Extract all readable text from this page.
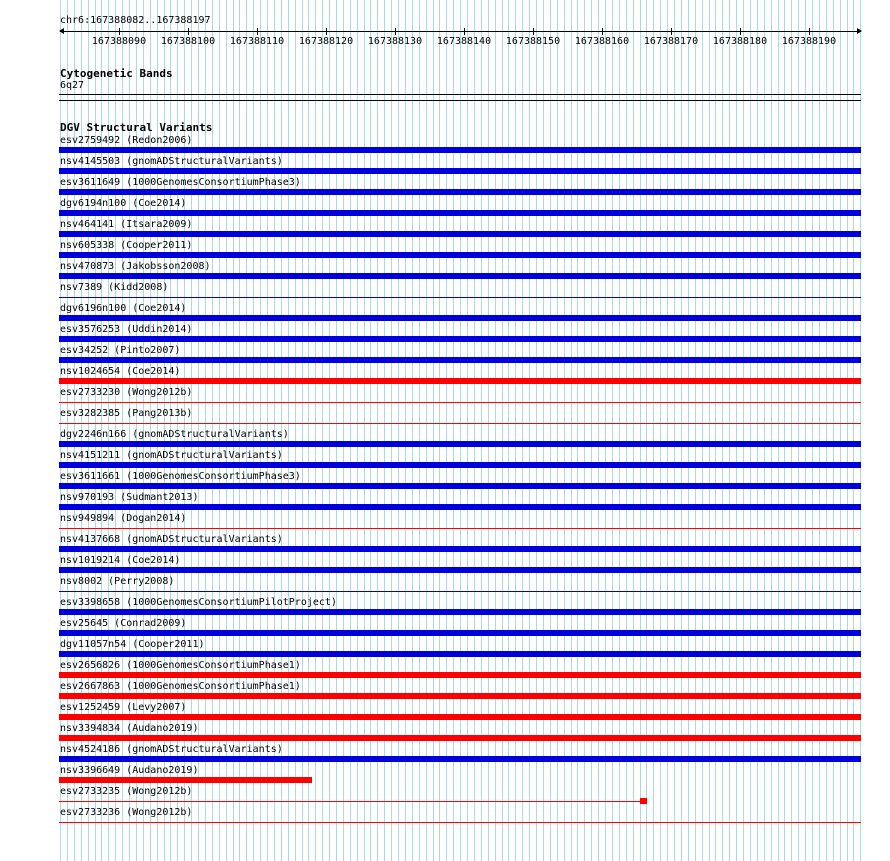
chr6:167388082..167388197
167388090 167388100 167388110 167388120 167388130 167388140 167388150 167388160 167388170 167388180 167388190
Cytogenetic Bands
6q27
DGV Structural Variants
esv2759492 (Redon2006)
nsv4145503 (gnomADStructuralVariants)
esv3611649 (1000GenomesConsortiumPhase3)
dgv6194n100 (Coe2014)
nsv464141 (Itsara2009)
nsv605338 (Cooper2011)
nsv470873 (Jakobsson2008)
nsv7389 (Kidd2008)
dgv6196n100 (Coe2014)
esv3576253 (Uddin2014)
esv34252 (Pinto2007)
nsv1024654 (Coe2014)
esv2733230 (Wong2012b)
esv3282385 (Pang2013b)
dgv2246n166 (gnomADStructuralVariants)
nsv4151211 (gnomADStructuralVariants)
esv3611661 (1000GenomesConsortiumPhase3)
nsv970193 (Sudmant2013)
nsv949894 (Dogan2014)
nsv4137668 (gnomADStructuralVariants)
nsv1019214 (Coe2014)
nsv8002 (Perry2008)
esv3398658 (1000GenomesConsortiumPilotProject)
esv25645 (Conrad2009)
dgv11057n54 (Cooper2011)
esv2656826 (1000GenomesConsortiumPhase1)
esv2667863 (1000GenomesConsortiumPhase1)
esv1252459 (Levy2007)
nsv3394834 (Audano2019)
nsv4524186 (gnomADStructuralVariants)
nsv3396649 (Audano2019)
esv2733235 (Wong2012b)
esv2733236 (Wong2012b)
